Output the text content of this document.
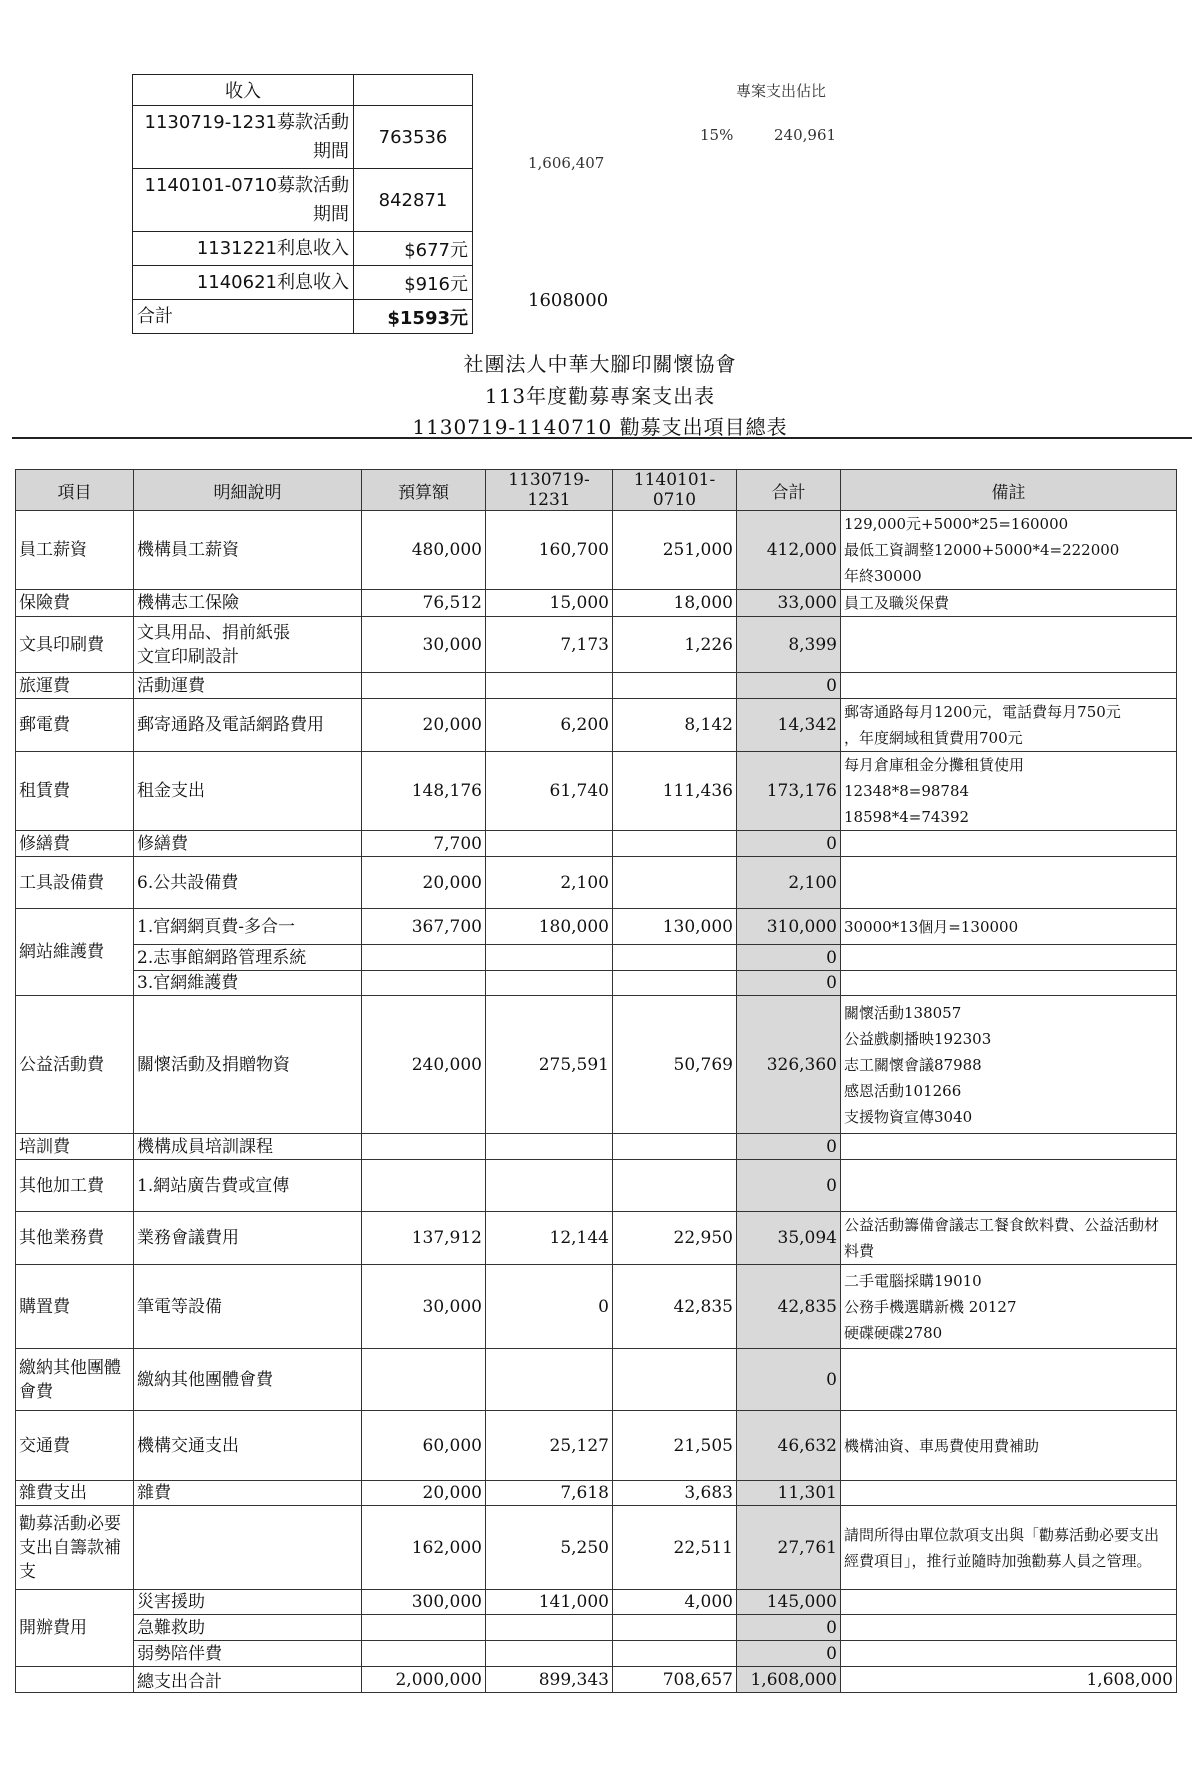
收入	
1130719-1231募款活動期間	763536
1140101-0710募款活動期間	842871
1131221利息收入	$677元
1140621利息收入	$916元
合計	$1593元
專案支出佔比
15%	240,961
1,606,407
1608000
社團法人中華大腳印關懷協會
113年度勸募專案支出表
1130719-1140710 勸募支出項目總表
項目	明細說明	預算額	1130719-1231	1140101-0710	合計	備註
員工薪資	機構員工薪資	480,000	160,700	251,000	412,000	129,000元+5000*25=160000
最低工資調整12000+5000*4=222000
年終30000
保險費	機構志工保險	76,512	15,000	18,000	33,000	員工及職災保費
文具印刷費	文具用品、捐前紙張
文宣印刷設計	30,000	7,173	1,226	8,399	
旅運費	活動運費				0	
郵電費	郵寄通路及電話網路費用	20,000	6,200	8,142	14,342	郵寄通路每月1200元，電話費每月750元
，年度網域租賃費用700元
租賃費	租金支出	148,176	61,740	111,436	173,176	每月倉庫租金分攤租賃使用
12348*8=98784
18598*4=74392
修繕費	修繕費	7,700			0	
工具設備費	6.公共設備費	20,000	2,100		2,100	
網站維護費	1.官網網頁費-多合一	367,700	180,000	130,000	310,000	30000*13個月=130000
	2.志事館網路管理系統				0	
	3.官網維護費				0	
公益活動費	關懷活動及捐贈物資	240,000	275,591	50,769	326,360	關懷活動138057
公益戲劇播映192303
志工關懷會議87988
感恩活動101266
支援物資宣傳3040
培訓費	機構成員培訓課程				0	
其他加工費	1.網站廣告費或宣傳				0	
其他業務費	業務會議費用	137,912	12,144	22,950	35,094	公益活動籌備會議志工餐食飲料費、公益活動材料費
購置費	筆電等設備	30,000	0	42,835	42,835	二手電腦採購19010
公務手機選購新機 20127
硬碟硬碟2780
繳納其他團體會費	繳納其他團體會費				0	
交通費	機構交通支出	60,000	25,127	21,505	46,632	機構油資、車馬費使用費補助
雜費支出	雜費	20,000	7,618	3,683	11,301	
勸募活動必要支出自籌款補支		162,000	5,250	22,511	27,761	請問所得由單位款項支出與「勸募活動必要支出經費項目」，推行並隨時加強勸募人員之管理。
開辦費用	災害援助	300,000	141,000	4,000	145,000	
	急難救助				0	
	弱勢陪伴費				0	
	總支出合計	2,000,000	899,343	708,657	1,608,000	1,608,000
